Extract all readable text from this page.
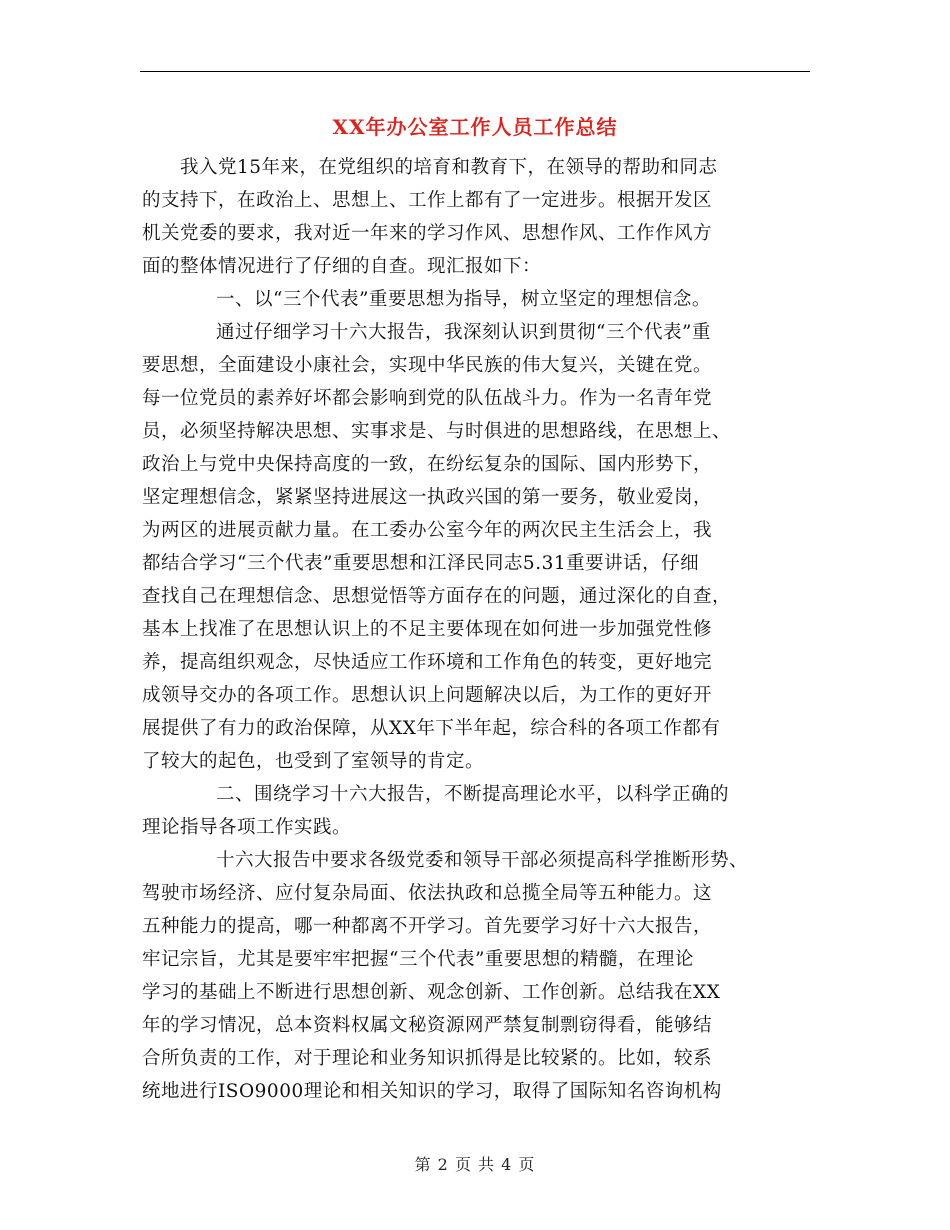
XX年办公室工作人员工作总结
我入党15年来，在党组织的培育和教育下，在领导的帮助和同志
的支持下，在政治上、思想上、工作上都有了一定进步。根据开发区
机关党委的要求，我对近一年来的学习作风、思想作风、工作作风方
面的整体情况进行了仔细的自查。现汇报如下：
一、以“三个代表”重要思想为指导，树立坚定的理想信念。
通过仔细学习十六大报告，我深刻认识到贯彻“三个代表”重
要思想，全面建设小康社会，实现中华民族的伟大复兴，关键在党。
每一位党员的素养好坏都会影响到党的队伍战斗力。作为一名青年党
员，必须坚持解决思想、实事求是、与时俱进的思想路线，在思想上、
政治上与党中央保持高度的一致，在纷纭复杂的国际、国内形势下，
坚定理想信念，紧紧坚持进展这一执政兴国的第一要务，敬业爱岗，
为两区的进展贡献力量。在工委办公室今年的两次民主生活会上，我
都结合学习“三个代表”重要思想和江泽民同志5.31重要讲话，仔细
查找自己在理想信念、思想觉悟等方面存在的问题，通过深化的自查，
基本上找准了在思想认识上的不足主要体现在如何进一步加强党性修
养，提高组织观念，尽快适应工作环境和工作角色的转变，更好地完
成领导交办的各项工作。思想认识上问题解决以后，为工作的更好开
展提供了有力的政治保障，从XX年下半年起，综合科的各项工作都有
了较大的起色，也受到了室领导的肯定。
二、围绕学习十六大报告，不断提高理论水平，以科学正确的
理论指导各项工作实践。
十六大报告中要求各级党委和领导干部必须提高科学推断形势、
驾驶市场经济、应付复杂局面、依法执政和总揽全局等五种能力。这
五种能力的提高，哪一种都离不开学习。首先要学习好十六大报告，
牢记宗旨，尤其是要牢牢把握“三个代表”重要思想的精髓，在理论
学习的基础上不断进行思想创新、观念创新、工作创新。总结我在XX
年的学习情况，总本资料权属文秘资源网严禁复制剽窃得看，能够结
合所负责的工作，对于理论和业务知识抓得是比较紧的。比如，较系
统地进行ISO9000理论和相关知识的学习，取得了国际知名咨询机构
第 2 页 共 4 页
